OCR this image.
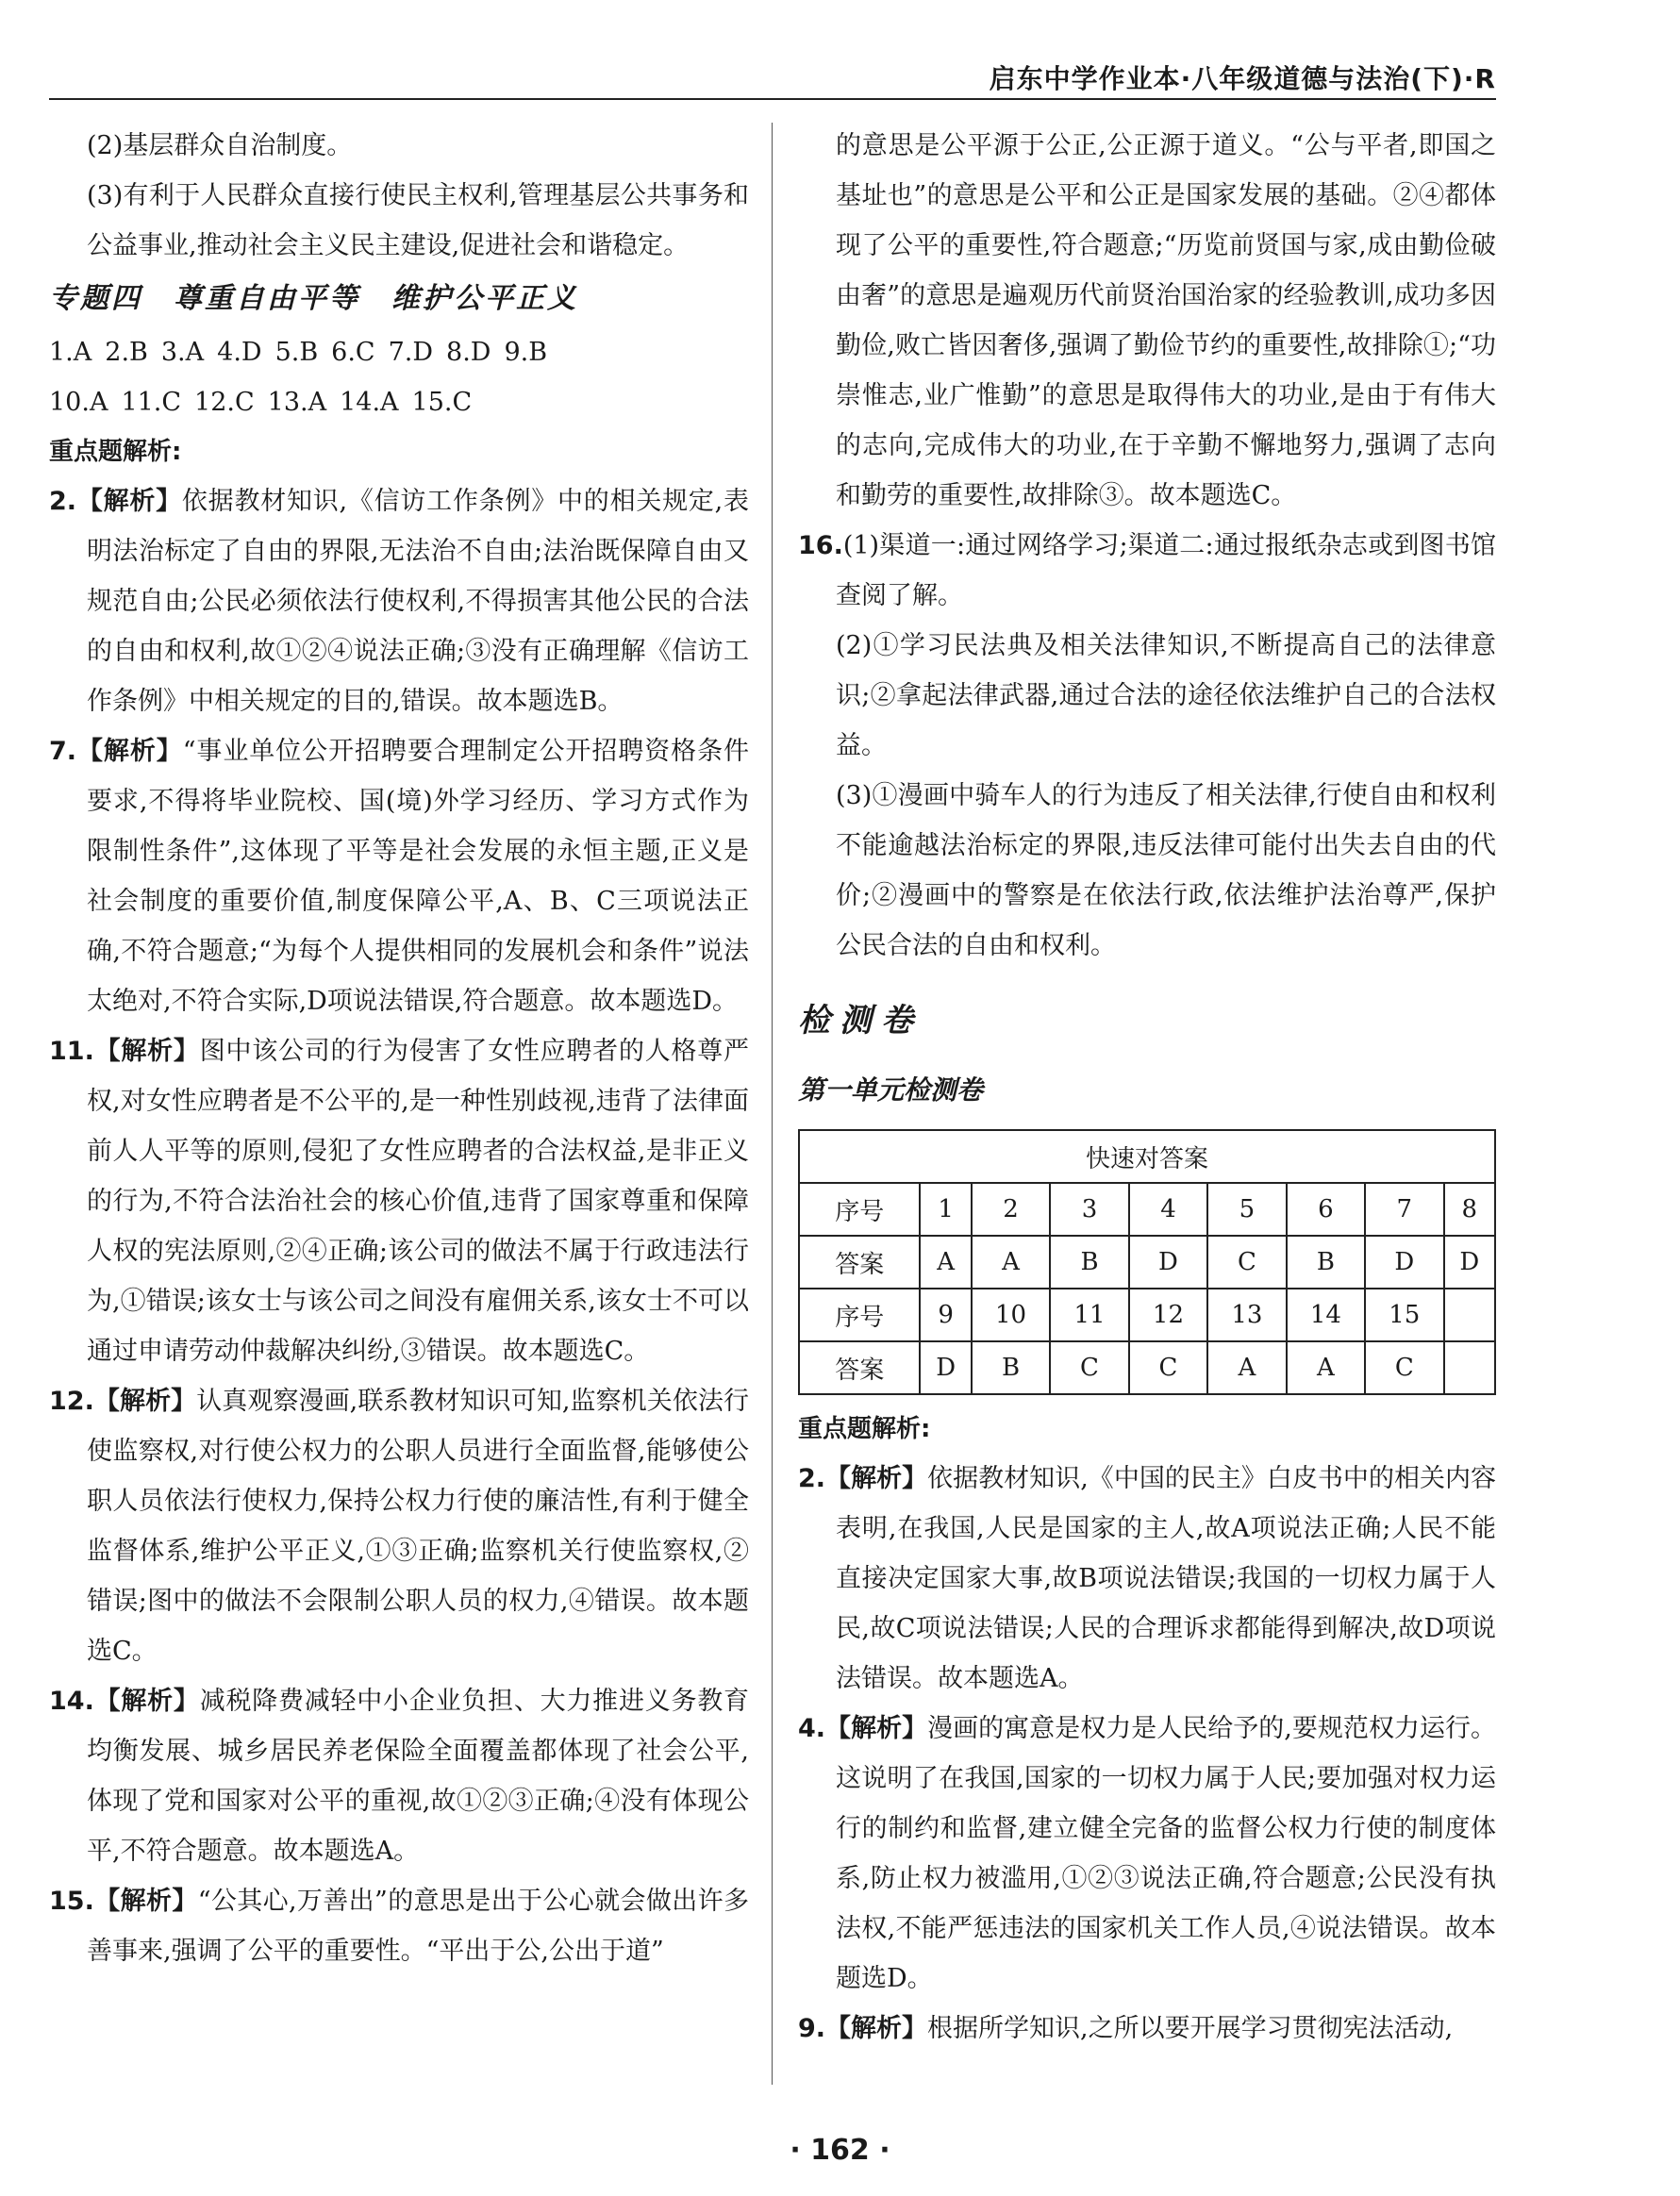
启东中学作业本·八年级道德与法治(下)·R
(2)基层群众自治制度。
(3)有利于人民群众直接行使民主权利,管理基层公共事务和公益事业,推动社会主义民主建设,促进社会和谐稳定。
专题四　尊重自由平等　维护公平正义
1.A 2.B 3.A 4.D 5.B 6.C 7.D 8.D 9.B
10.A 11.C 12.C 13.A 14.A 15.C
重点题解析:
2.【解析】依据教材知识,《信访工作条例》中的相关规定,表明法治标定了自由的界限,无法治不自由;法治既保障自由又规范自由;公民必须依法行使权利,不得损害其他公民的合法的自由和权利,故①②④说法正确;③没有正确理解《信访工作条例》中相关规定的目的,错误。故本题选B。
7.【解析】“事业单位公开招聘要合理制定公开招聘资格条件要求,不得将毕业院校、国(境)外学习经历、学习方式作为限制性条件”,这体现了平等是社会发展的永恒主题,正义是社会制度的重要价值,制度保障公平,A、B、C三项说法正确,不符合题意;“为每个人提供相同的发展机会和条件”说法太绝对,不符合实际,D项说法错误,符合题意。故本题选D。
11.【解析】图中该公司的行为侵害了女性应聘者的人格尊严权,对女性应聘者是不公平的,是一种性别歧视,违背了法律面前人人平等的原则,侵犯了女性应聘者的合法权益,是非正义的行为,不符合法治社会的核心价值,违背了国家尊重和保障人权的宪法原则,②④正确;该公司的做法不属于行政违法行为,①错误;该女士与该公司之间没有雇佣关系,该女士不可以通过申请劳动仲裁解决纠纷,③错误。故本题选C。
12.【解析】认真观察漫画,联系教材知识可知,监察机关依法行使监察权,对行使公权力的公职人员进行全面监督,能够使公职人员依法行使权力,保持公权力行使的廉洁性,有利于健全监督体系,维护公平正义,①③正确;监察机关行使监察权,②错误;图中的做法不会限制公职人员的权力,④错误。故本题选C。
14.【解析】减税降费减轻中小企业负担、大力推进义务教育均衡发展、城乡居民养老保险全面覆盖都体现了社会公平,体现了党和国家对公平的重视,故①②③正确;④没有体现公平,不符合题意。故本题选A。
15.【解析】“公其心,万善出”的意思是出于公心就会做出许多善事来,强调了公平的重要性。“平出于公,公出于道”
的意思是公平源于公正,公正源于道义。“公与平者,即国之基址也”的意思是公平和公正是国家发展的基础。②④都体现了公平的重要性,符合题意;“历览前贤国与家,成由勤俭破由奢”的意思是遍观历代前贤治国治家的经验教训,成功多因勤俭,败亡皆因奢侈,强调了勤俭节约的重要性,故排除①;“功崇惟志,业广惟勤”的意思是取得伟大的功业,是由于有伟大的志向,完成伟大的功业,在于辛勤不懈地努力,强调了志向和勤劳的重要性,故排除③。故本题选C。
16.(1)渠道一:通过网络学习;渠道二:通过报纸杂志或到图书馆查阅了解。
(2)①学习民法典及相关法律知识,不断提高自己的法律意识;②拿起法律武器,通过合法的途径依法维护自己的合法权益。
(3)①漫画中骑车人的行为违反了相关法律,行使自由和权利不能逾越法治标定的界限,违反法律可能付出失去自由的代价;②漫画中的警察是在依法行政,依法维护法治尊严,保护公民合法的自由和权利。
检测卷
第一单元检测卷
快速对答案								
序号	1	2	3	4	5	6	7	8
答案	A	A	B	D	C	B	D	D
序号	9	10	11	12	13	14	15	
答案	D	B	C	C	A	A	C	
重点题解析:
2.【解析】依据教材知识,《中国的民主》白皮书中的相关内容表明,在我国,人民是国家的主人,故A项说法正确;人民不能直接决定国家大事,故B项说法错误;我国的一切权力属于人民,故C项说法错误;人民的合理诉求都能得到解决,故D项说法错误。故本题选A。
4.【解析】漫画的寓意是权力是人民给予的,要规范权力运行。这说明了在我国,国家的一切权力属于人民;要加强对权力运行的制约和监督,建立健全完备的监督公权力行使的制度体系,防止权力被滥用,①②③说法正确,符合题意;公民没有执法权,不能严惩违法的国家机关工作人员,④说法错误。故本题选D。
9.【解析】根据所学知识,之所以要开展学习贯彻宪法活动,
· 162 ·
